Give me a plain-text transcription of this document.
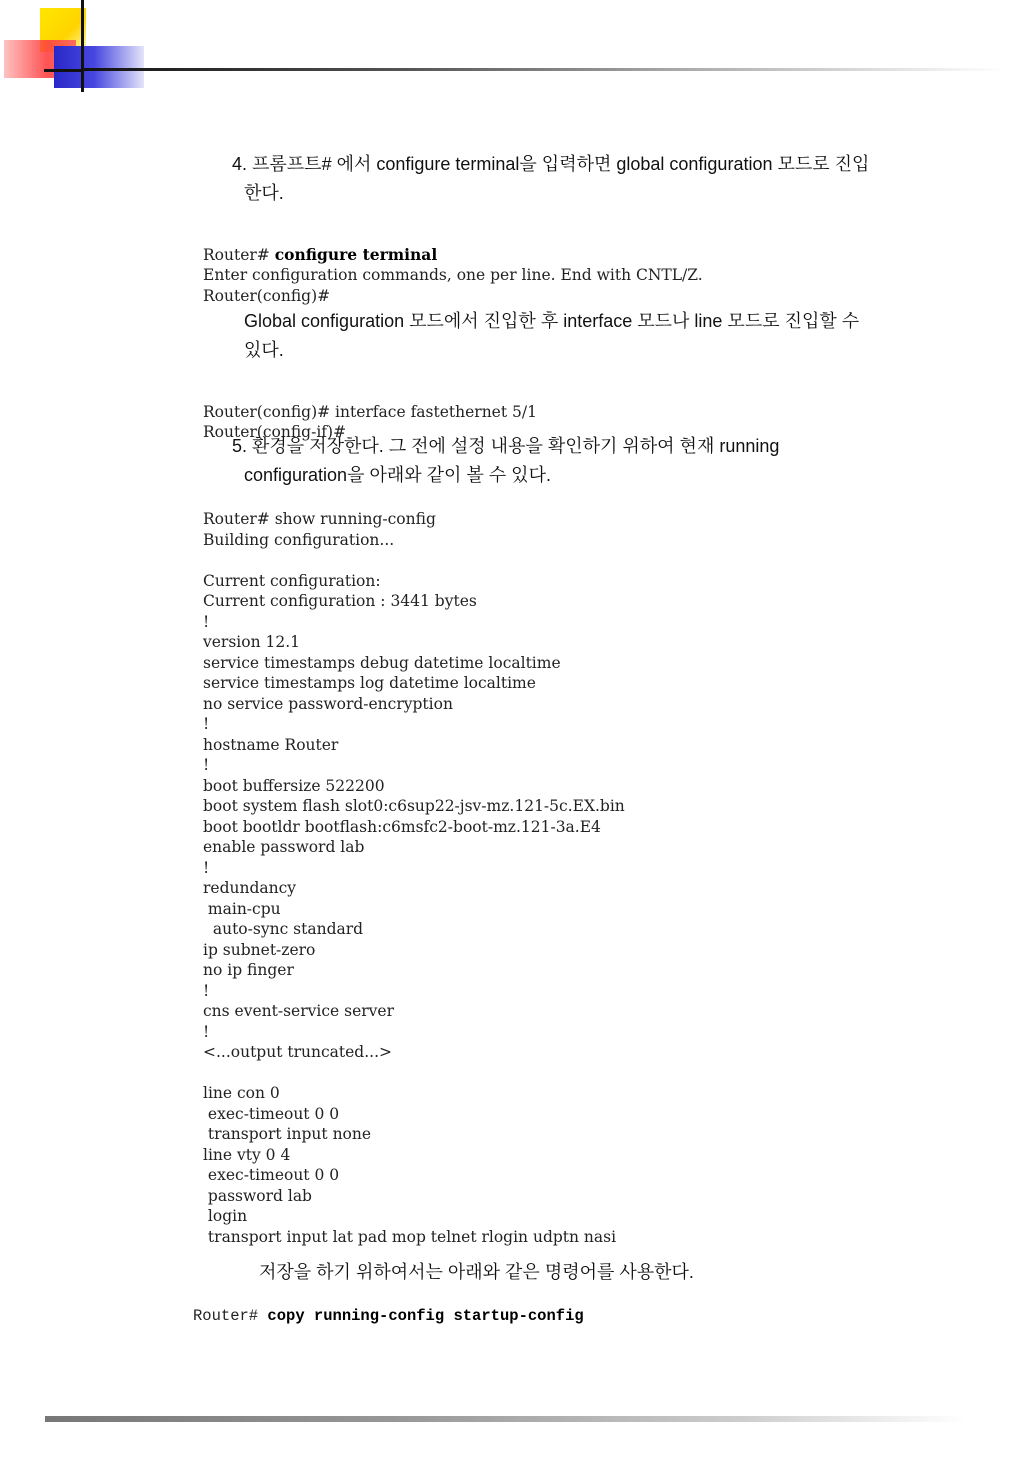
4. 프롬프트# 에서 configure terminal을 입력하면 global configuration 모드로 진입
한다.

Router# configure terminal
Enter configuration commands, one per line. End with CNTL/Z.
Router(config)#
Global configuration 모드에서 진입한 후 interface 모드나 line 모드로 진입할 수
있다.

Router(config)# interface fastethernet 5/1
Router(config-if)#
5. 환경을 저장한다. 그 전에 설정 내용을 확인하기 위하여 현재 running
configuration을 아래와 같이 볼 수 있다.
Router# show running-config
Building configuration...
Current configuration:
Current configuration : 3441 bytes
!
version 12.1
service timestamps debug datetime localtime
service timestamps log datetime localtime
no service password-encryption
!
hostname Router
!
boot buffersize 522200
boot system flash slot0:c6sup22-jsv-mz.121-5c.EX.bin
boot bootldr bootflash:c6msfc2-boot-mz.121-3a.E4
enable password lab
!
redundancy
main-cpu
auto-sync standard
ip subnet-zero
no ip finger
!
cns event-service server
!
<...output truncated...>
line con 0
exec-timeout 0 0
transport input none
line vty 0 4
exec-timeout 0 0
password lab
login
transport input lat pad mop telnet rlogin udptn nasi
저장을 하기 위하여서는 아래와 같은 명령어를 사용한다.
Router# copy running-config startup-config
